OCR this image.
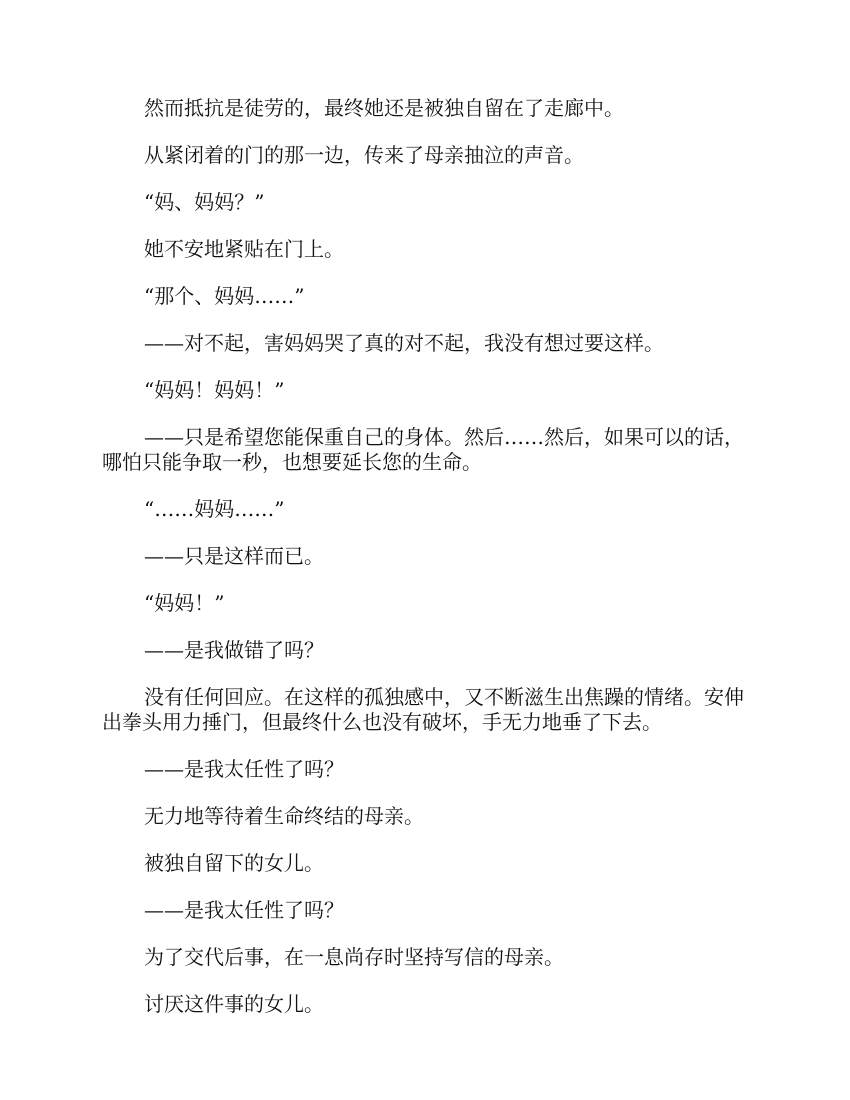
然而抵抗是徒劳的，最终她还是被独自留在了走廊中。

从紧闭着的门的那一边，传来了母亲抽泣的声音。

“妈、妈妈？”

她不安地紧贴在门上。

“那个、妈妈……”

——对不起，害妈妈哭了真的对不起，我没有想过要这样。

“妈妈！妈妈！”

——只是希望您能保重自己的身体。然后……然后，如果可以的话，哪怕只能争取一秒，也想要延长您的生命。

“……妈妈……”

——只是这样而已。

“妈妈！”

——是我做错了吗？

没有任何回应。在这样的孤独感中，又不断滋生出焦躁的情绪。安伸出拳头用力捶门，但最终什么也没有破坏，手无力地垂了下去。

——是我太任性了吗？

无力地等待着生命终结的母亲。

被独自留下的女儿。

——是我太任性了吗？

为了交代后事，在一息尚存时坚持写信的母亲。

讨厌这件事的女儿。
